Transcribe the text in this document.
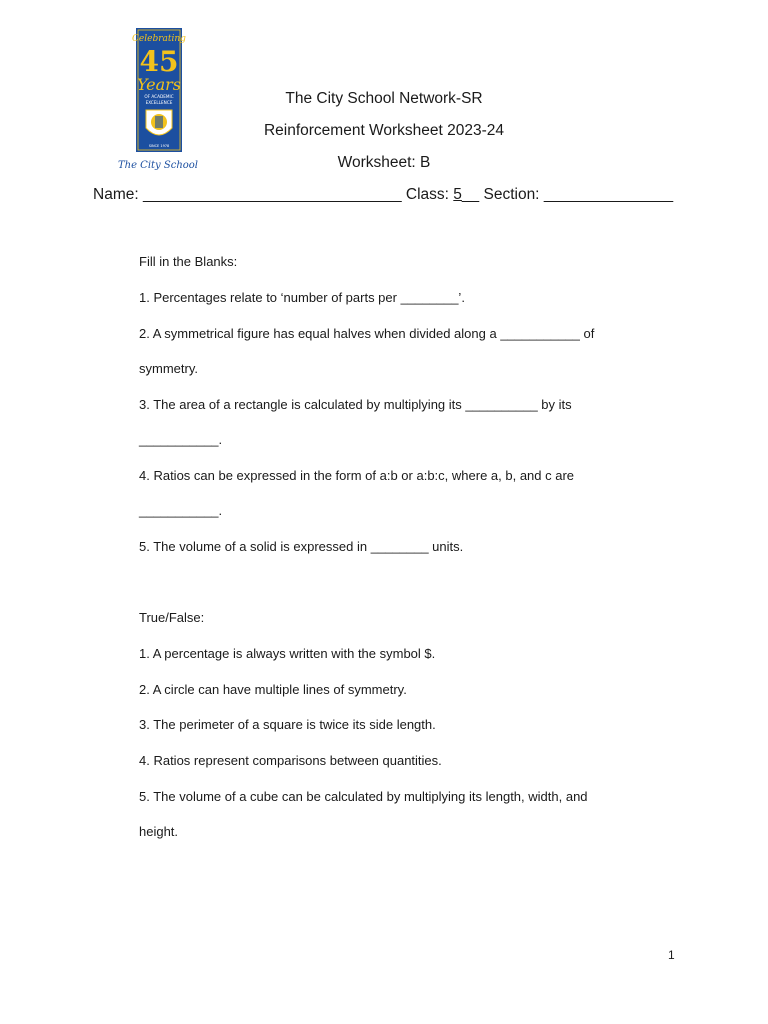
Celebrating
45
Years
OF ACADEMIC
EXCELLENCE
SINCE 1978
The City School
The City School Network-SR
Reinforcement Worksheet 2023-24
Worksheet: B
Name: ______________________________ Class: 5__ Section: _______________
Fill in the Blanks:
1. Percentages relate to ‘number of parts per ________’.
2. A symmetrical figure has equal halves when divided along a ___________ of
symmetry.
3. The area of a rectangle is calculated by multiplying its __________ by its
___________.
4. Ratios can be expressed in the form of a:b or a:b:c, where a, b, and c are
___________.
5. The volume of a solid is expressed in ________ units.
True/False:
1. A percentage is always written with the symbol $.
2. A circle can have multiple lines of symmetry.
3. The perimeter of a square is twice its side length.
4. Ratios represent comparisons between quantities.
5. The volume of a cube can be calculated by multiplying its length, width, and
height.
1
